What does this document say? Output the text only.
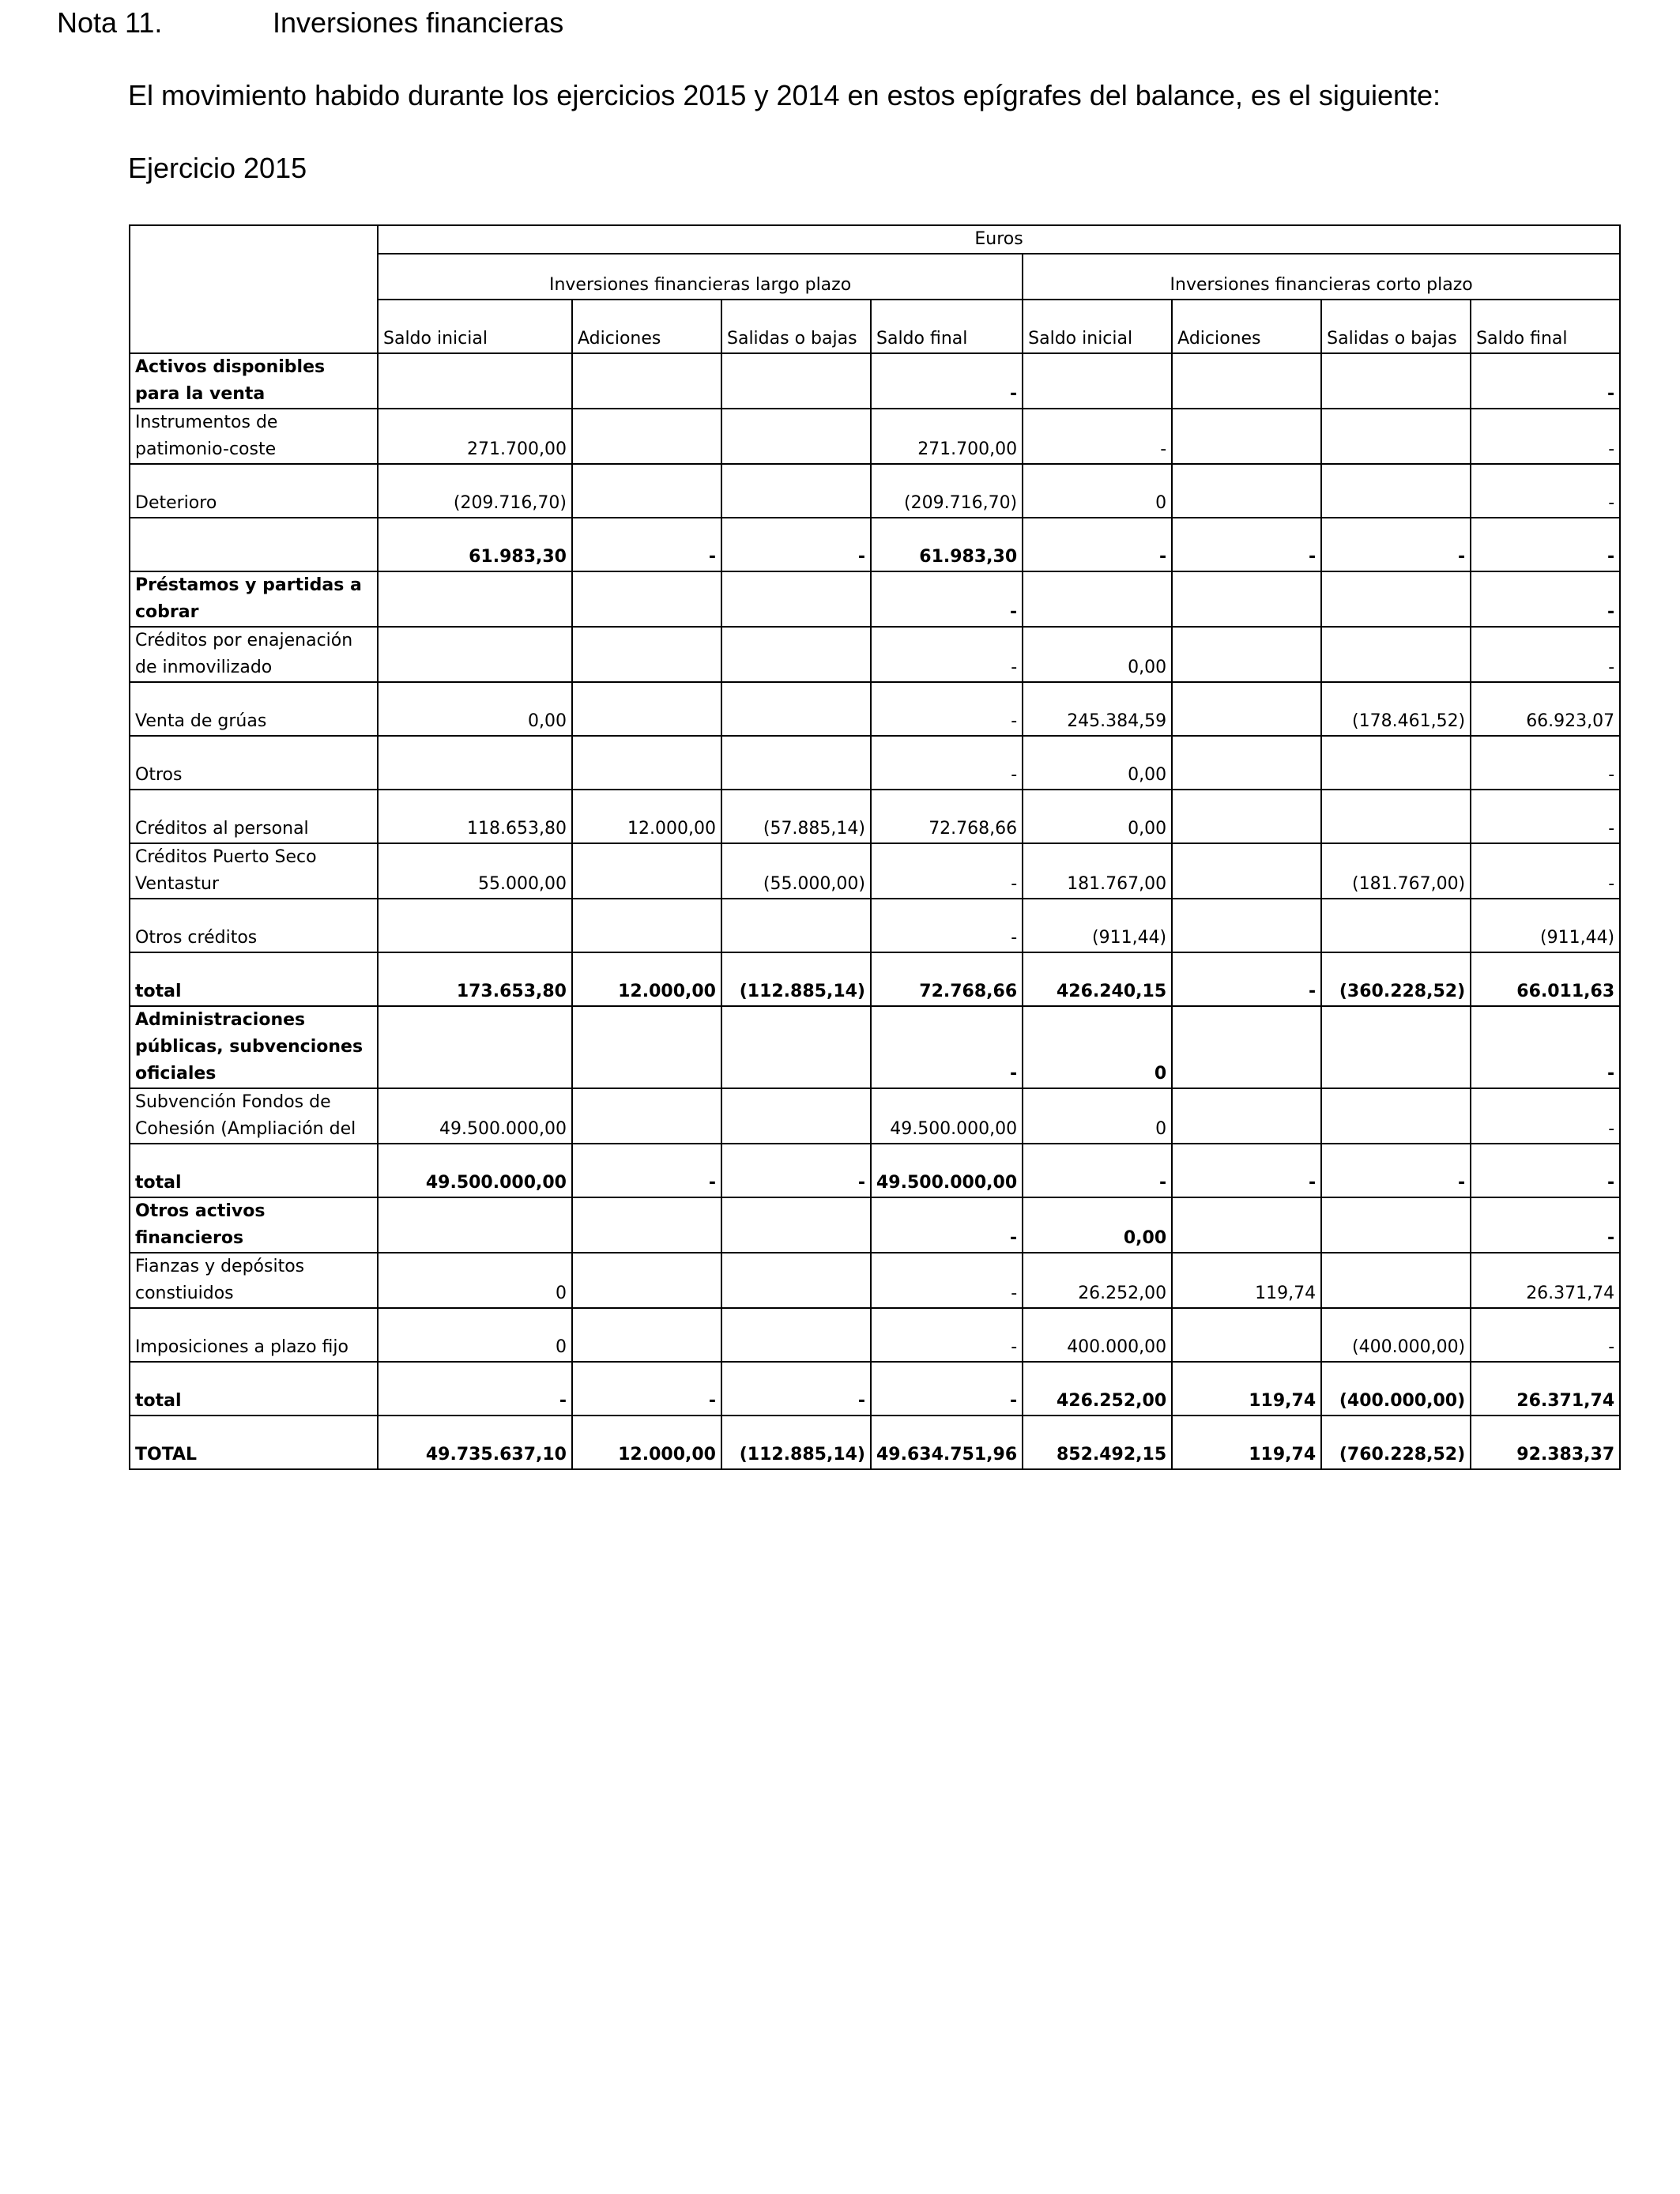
Nota 11.	Inversiones financieras
El movimiento habido durante los ejercicios 2015 y 2014 en estos epígrafes del balance, es el siguiente:
Ejercicio 2015
	Euros							
	Inversiones financieras largo plazo				Inversiones financieras corto plazo			
	Saldo inicial	Adiciones	Salidas o bajas	Saldo final	Saldo inicial	Adiciones	Salidas o bajas	Saldo final
Activos disponibles para la venta				-				-
Instrumentos de patimonio-coste	271.700,00			271.700,00	-			-
Deterioro	(209.716,70)			(209.716,70)	0			-
	61.983,30	-	-	61.983,30	-	-	-	-
Préstamos y partidas a cobrar				-				-
Créditos por enajenación de inmovilizado				-	0,00			-
Venta de grúas	0,00			-	245.384,59		(178.461,52)	66.923,07
Otros				-	0,00			-
Créditos al personal	118.653,80	12.000,00	(57.885,14)	72.768,66	0,00			-
Créditos Puerto Seco Ventastur	55.000,00		(55.000,00)	-	181.767,00		(181.767,00)	-
Otros créditos				-	(911,44)			(911,44)
total	173.653,80	12.000,00	(112.885,14)	72.768,66	426.240,15	-	(360.228,52)	66.011,63
Administraciones públicas, subvenciones oficiales				-	0			-
Subvención Fondos de Cohesión (Ampliación del	49.500.000,00			49.500.000,00	0			-
total	49.500.000,00	-	-	49.500.000,00	-	-	-	-
Otros activos financieros				-	0,00			-
Fianzas y depósitos constiuidos	0			-	26.252,00	119,74		26.371,74
Imposiciones a plazo fijo	0			-	400.000,00		(400.000,00)	-
total	-	-	-	-	426.252,00	119,74	(400.000,00)	26.371,74
TOTAL	49.735.637,10	12.000,00	(112.885,14)	49.634.751,96	852.492,15	119,74	(760.228,52)	92.383,37
